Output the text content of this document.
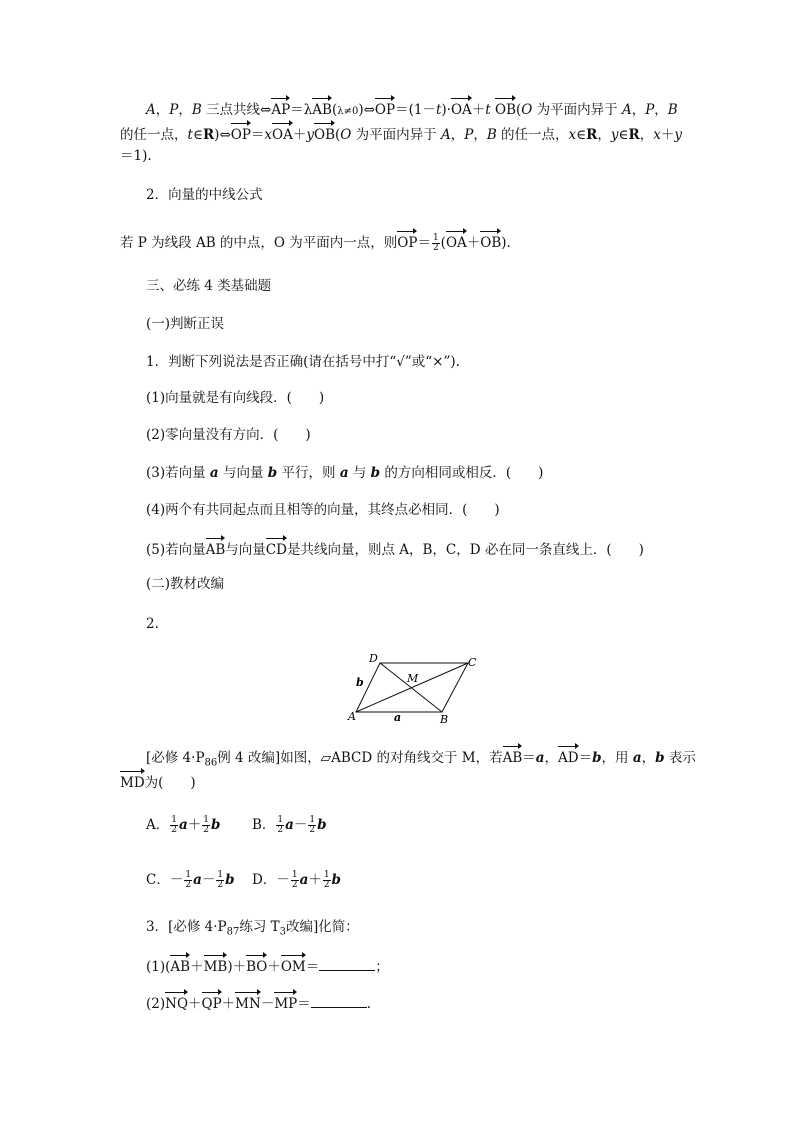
A，P，B 三点共线⇔AP＝λAB(λ≠0)⇔OP＝(1－t)·OA＋t OB(O 为平面内异于 A，P，B
的任一点，t∈R)⇔OP＝xOA＋yOB(O 为平面内异于 A，P，B 的任一点，x∈R，y∈R，x＋y
＝1).
2．向量的中线公式
若 P 为线段 AB 的中点，O 为平面内一点，则$OP= \frac{1}{2} (OA+OB)$.
三、必练 4 类基础题
(一)判断正误
1．判断下列说法是否正确(请在括号中打“√”或“×”).
(1)向量就是有向线段．(　　)
(2)零向量没有方向．(　　)
(3)若向量 a 与向量 b 平行，则 a 与 b 的方向相同或相反．(　　)
(4)两个有共同起点而且相等的向量，其终点必相同．(　　)
(5)若向量AB与向量CD是共线向量，则点 A，B，C，D 必在同一条直线上．(　　)
(二)教材改编
2.
D	C
M
A	B
b
a
[必修 $4\cdot P_{86}$例 4 改编]如图，▱ABCD 的对角线交于 M，若AB＝a，AD＝b，用 a，b 表示
MD为(　　)
A． $\frac{1}{2} a+ \frac{1}{2}$ b B． $\frac{1}{2} a- \frac{1}{2}$ b
C．－ $\frac{1}{2} a- \frac{1}{2}$ b D．－ $\frac{1}{2} a+ \frac{1}{2}$ b
3．[必修 $4\cdot P_{87}$练习 $T_3$改编]化简：
(1)(AB＋MB)＋BO＋OM＝	；
(2)NQ＋QP＋MN－MP＝	.
